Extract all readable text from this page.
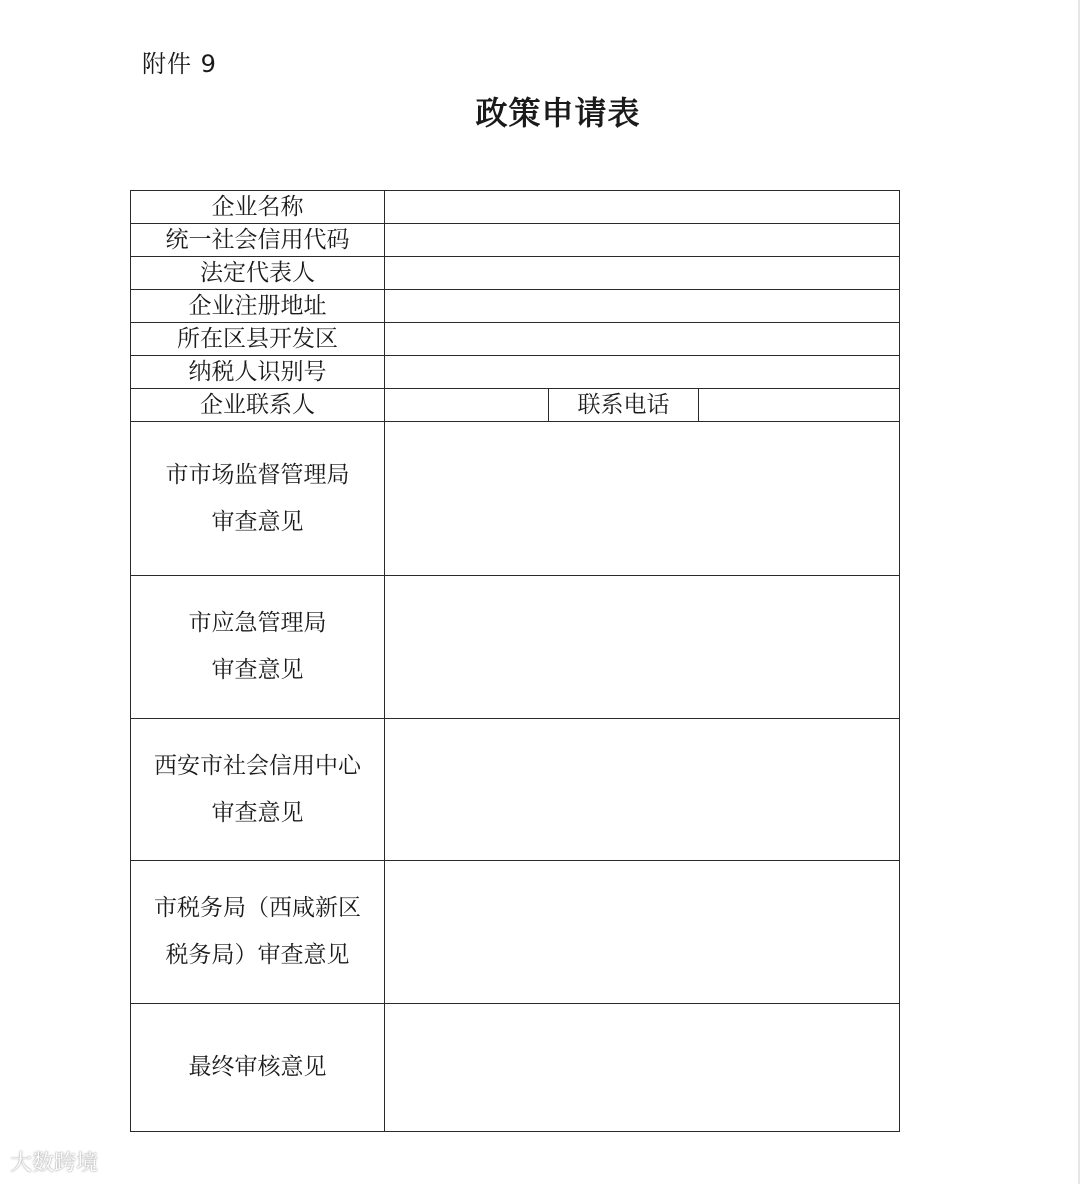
附件 9
政策申请表
企业名称			
统一社会信用代码			
法定代表人			
企业注册地址			
所在区县开发区			
纳税人识别号			
企业联系人		联系电话	

市市场监督管理局
审查意见			

市应急管理局
审查意见			

西安市社会信用中心
审查意见			

市税务局（西咸新区
税务局）审查意见			

最终审核意见			
大数跨境
